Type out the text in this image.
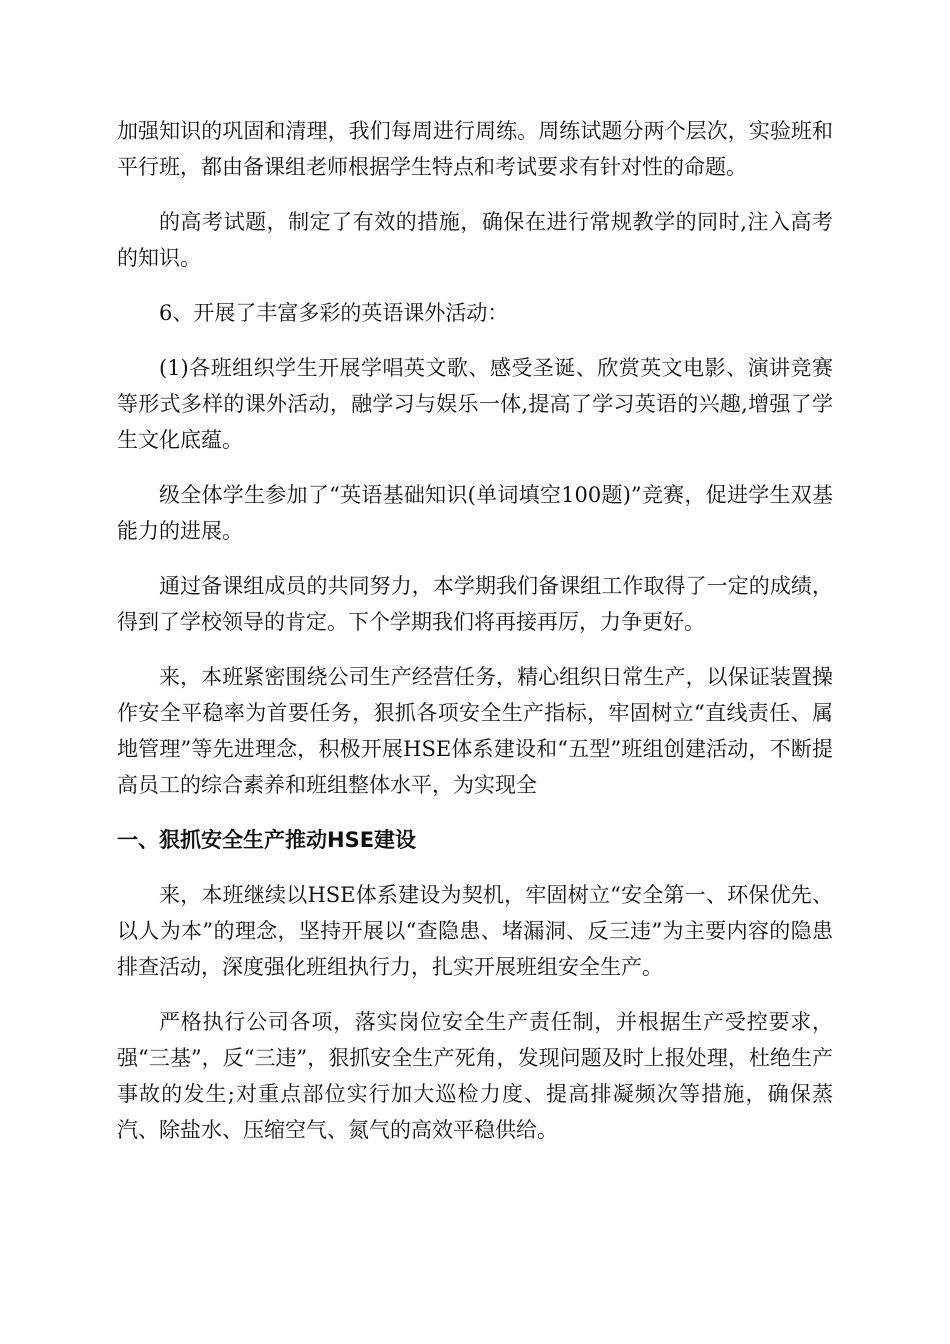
加强知识的巩固和清理，我们每周进行周练。周练试题分两个层次，实验班和平行班，都由备课组老师根据学生特点和考试要求有针对性的命题。

的高考试题，制定了有效的措施，确保在进行常规教学的同时,注入高考的知识。

6、开展了丰富多彩的英语课外活动：

(1)各班组织学生开展学唱英文歌、感受圣诞、欣赏英文电影、演讲竞赛等形式多样的课外活动，融学习与娱乐一体,提高了学习英语的兴趣,增强了学生文化底蕴。

级全体学生参加了“英语基础知识(单词填空100题)”竞赛，促进学生双基能力的进展。

通过备课组成员的共同努力，本学期我们备课组工作取得了一定的成绩，得到了学校领导的肯定。下个学期我们将再接再厉，力争更好。

来，本班紧密围绕公司生产经营任务，精心组织日常生产，以保证装置操作安全平稳率为首要任务，狠抓各项安全生产指标，牢固树立“直线责任、属地管理”等先进理念，积极开展HSE体系建设和“五型”班组创建活动，不断提高员工的综合素养和班组整体水平，为实现全

一、狠抓安全生产推动HSE建设

来，本班继续以HSE体系建设为契机，牢固树立“安全第一、环保优先、以人为本”的理念，坚持开展以“查隐患、堵漏洞、反三违”为主要内容的隐患排查活动，深度强化班组执行力，扎实开展班组安全生产。

严格执行公司各项，落实岗位安全生产责任制，并根据生产受控要求，强“三基”，反“三违”，狠抓安全生产死角，发现问题及时上报处理，杜绝生产事故的发生;对重点部位实行加大巡检力度、提高排凝频次等措施，确保蒸汽、除盐水、压缩空气、氮气的高效平稳供给。
